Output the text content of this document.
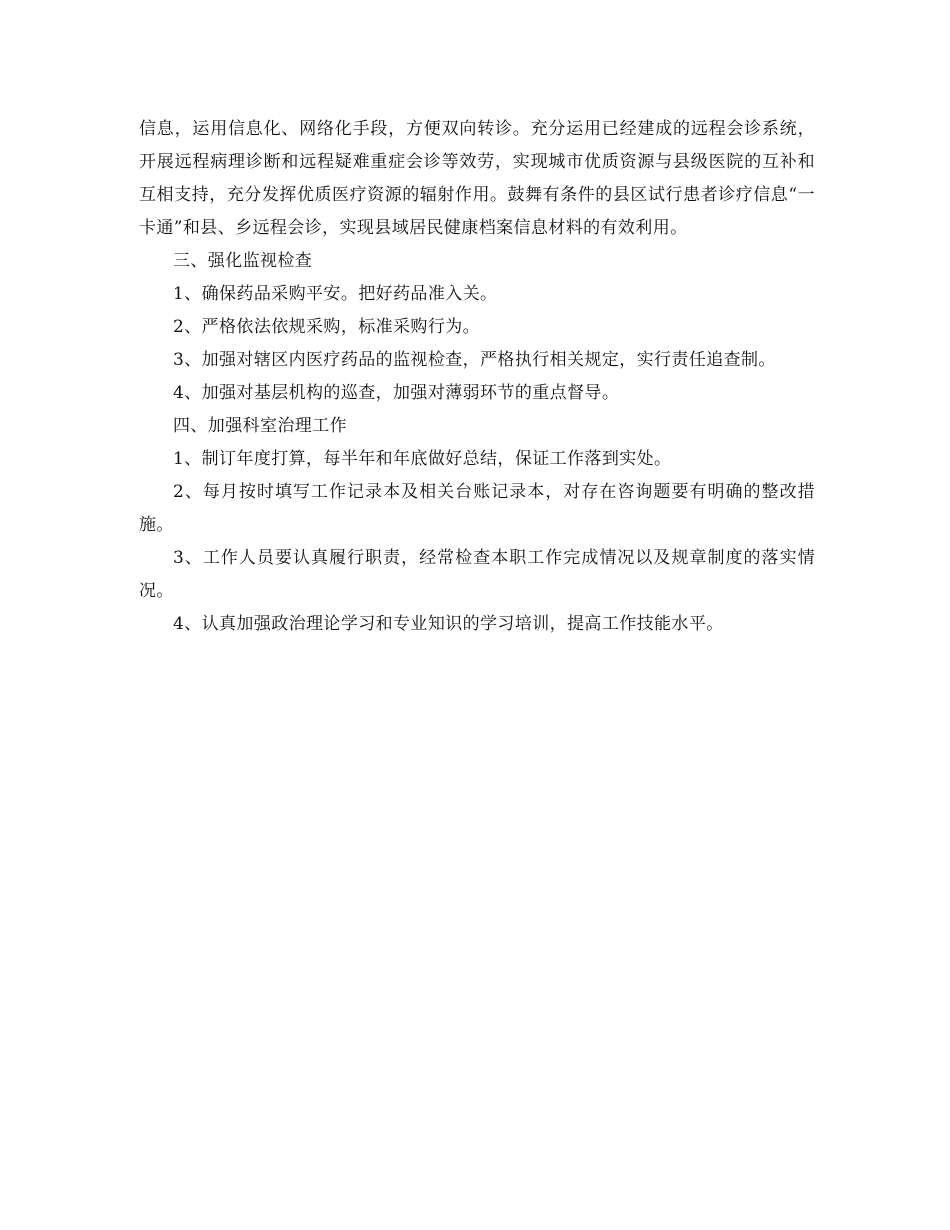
信息，运用信息化、网络化手段，方便双向转诊。充分运用已经建成的远程会诊系统，开展远程病理诊断和远程疑难重症会诊等效劳，实现城市优质资源与县级医院的互补和互相支持，充分发挥优质医疗资源的辐射作用。鼓舞有条件的县区试行患者诊疗信息“一卡通”和县、乡远程会诊，实现县域居民健康档案信息材料的有效利用。

三、强化监视检查

1、确保药品采购平安。把好药品准入关。

2、严格依法依规采购，标准采购行为。

3、加强对辖区内医疗药品的监视检查，严格执行相关规定，实行责任追查制。

4、加强对基层机构的巡查，加强对薄弱环节的重点督导。

四、加强科室治理工作

1、制订年度打算，每半年和年底做好总结，保证工作落到实处。

2、每月按时填写工作记录本及相关台账记录本，对存在咨询题要有明确的整改措施。

3、工作人员要认真履行职责，经常检查本职工作完成情况以及规章制度的落实情况。

4、认真加强政治理论学习和专业知识的学习培训，提高工作技能水平。
